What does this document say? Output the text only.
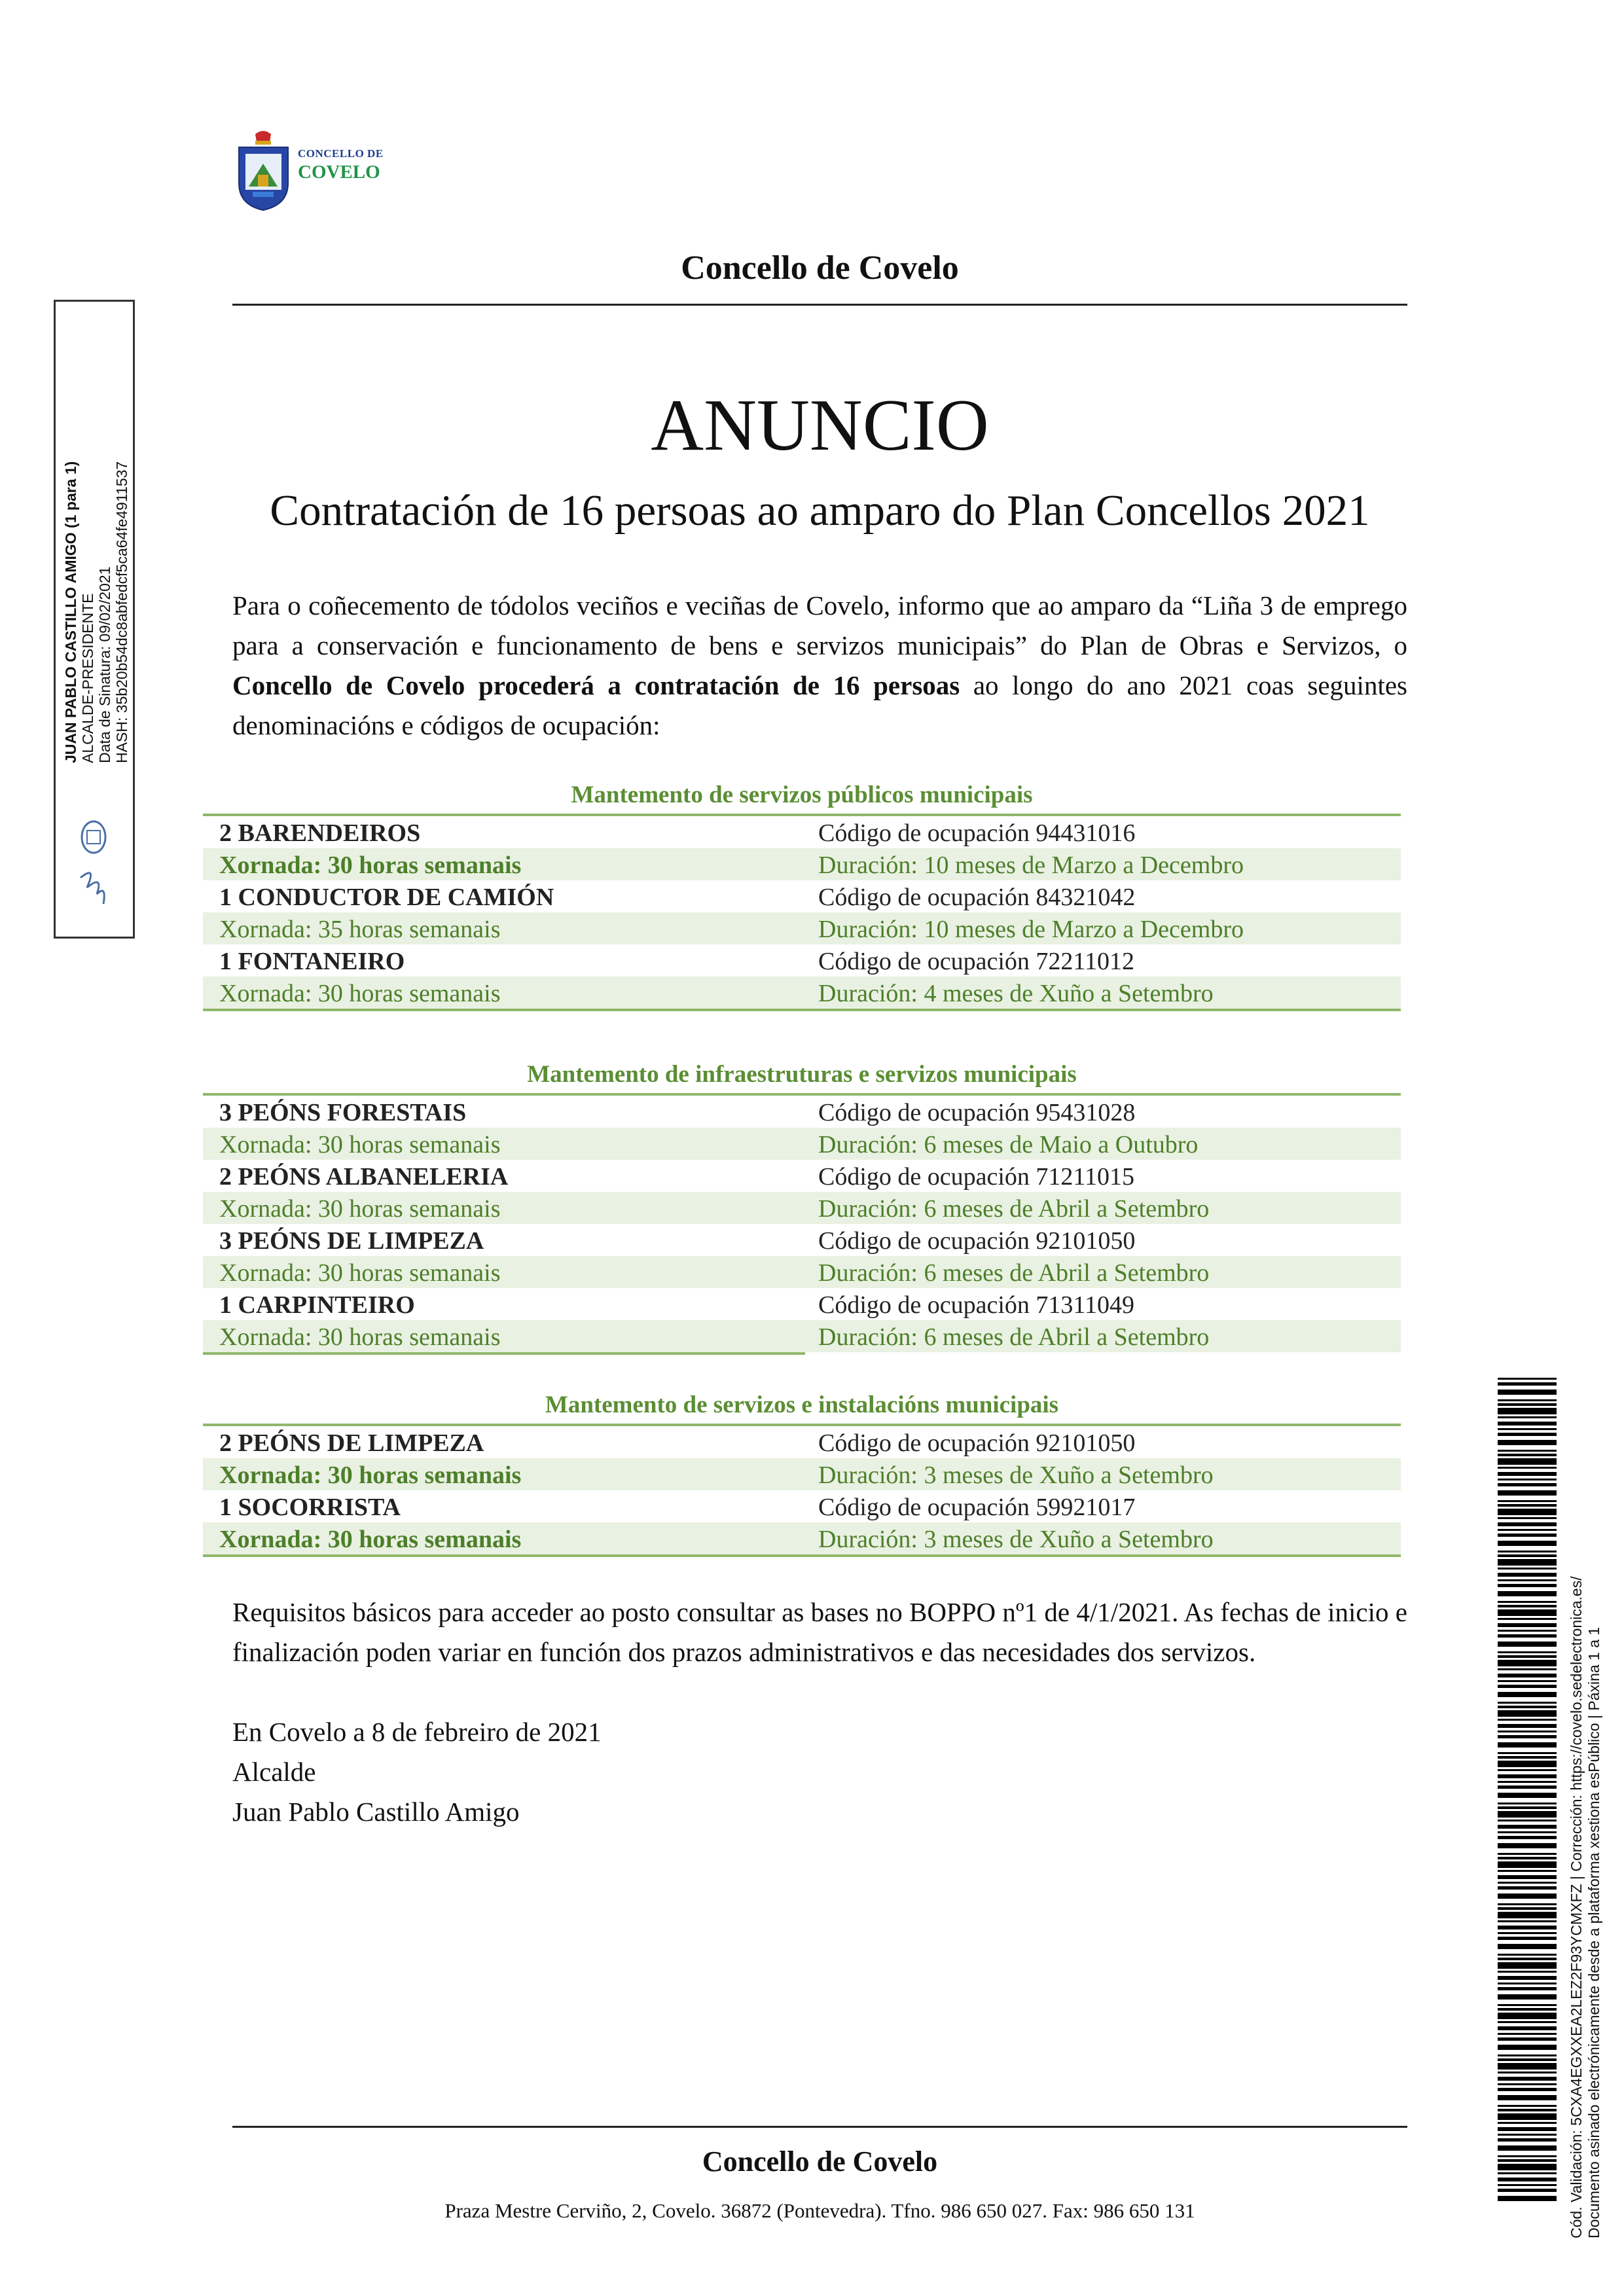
CONCELLO DE
COVELO
Concello de Covelo
ANUNCIO
Contratación de 16 persoas ao amparo do Plan Concellos 2021
Para o coñecemento de tódolos veciños e veciñas de Covelo, informo que ao amparo da “Liña 3 de emprego para a conservación e funcionamento de bens e servizos municipais” do Plan de Obras e Servizos, o Concello de Covelo procederá a contratación de 16 persoas ao longo do ano 2021 coas seguintes denominacións e códigos de ocupación:
Mantemento de servizos públicos municipais
2 BARENDEIROS	Código de ocupación 94431016
Xornada: 30 horas semanais	Duración: 10 meses de Marzo a Decembro
1 CONDUCTOR DE CAMIÓN	Código de ocupación 84321042
Xornada: 35 horas semanais	Duración: 10 meses de Marzo a Decembro
1 FONTANEIRO	Código de ocupación 72211012
Xornada: 30 horas semanais	Duración: 4 meses de Xuño a Setembro
Mantemento de infraestruturas e servizos municipais
3 PEÓNS FORESTAIS	Código de ocupación 95431028
Xornada: 30 horas semanais	Duración: 6 meses de Maio a Outubro
2 PEÓNS ALBANELERIA	Código de ocupación 71211015
Xornada: 30 horas semanais	Duración: 6 meses de Abril a Setembro
3 PEÓNS DE LIMPEZA	Código de ocupación 92101050
Xornada: 30 horas semanais	Duración: 6 meses de Abril a Setembro
1 CARPINTEIRO	Código de ocupación 71311049
Xornada: 30 horas semanais	Duración: 6 meses de Abril a Setembro
Mantemento de servizos e instalacións municipais
2 PEÓNS DE LIMPEZA	Código de ocupación 92101050
Xornada: 30 horas semanais	Duración: 3 meses de Xuño a Setembro
1 SOCORRISTA	Código de ocupación 59921017
Xornada: 30 horas semanais	Duración: 3 meses de Xuño a Setembro
Requisitos básicos para acceder ao posto consultar as bases no BOPPO nº1 de 4/1/2021. As fechas de inicio e finalización poden variar en función dos prazos administrativos e das necesidades dos servizos.
En Covelo a 8 de febreiro de 2021
Alcalde
Juan Pablo Castillo Amigo
Concello de Covelo
Praza Mestre Cerviño, 2, Covelo. 36872 (Pontevedra). Tfno. 986 650 027. Fax: 986 650 131
JUAN PABLO CASTILLO AMIGO (1 para 1) ALCALDE-PRESIDENTE Data de Sinatura: 09/02/2021 HASH: 35b20b54dc8abfedcf5ca64fe4911537
Cód. Validación: 5CXA4EGXXEA2LEZ2F93YCMXFZ | Corrección: https://covelo.sedelectronica.es/ Documento asinado electrónicamente desde a plataforma xestiona esPúblico | Páxina 1 a 1
